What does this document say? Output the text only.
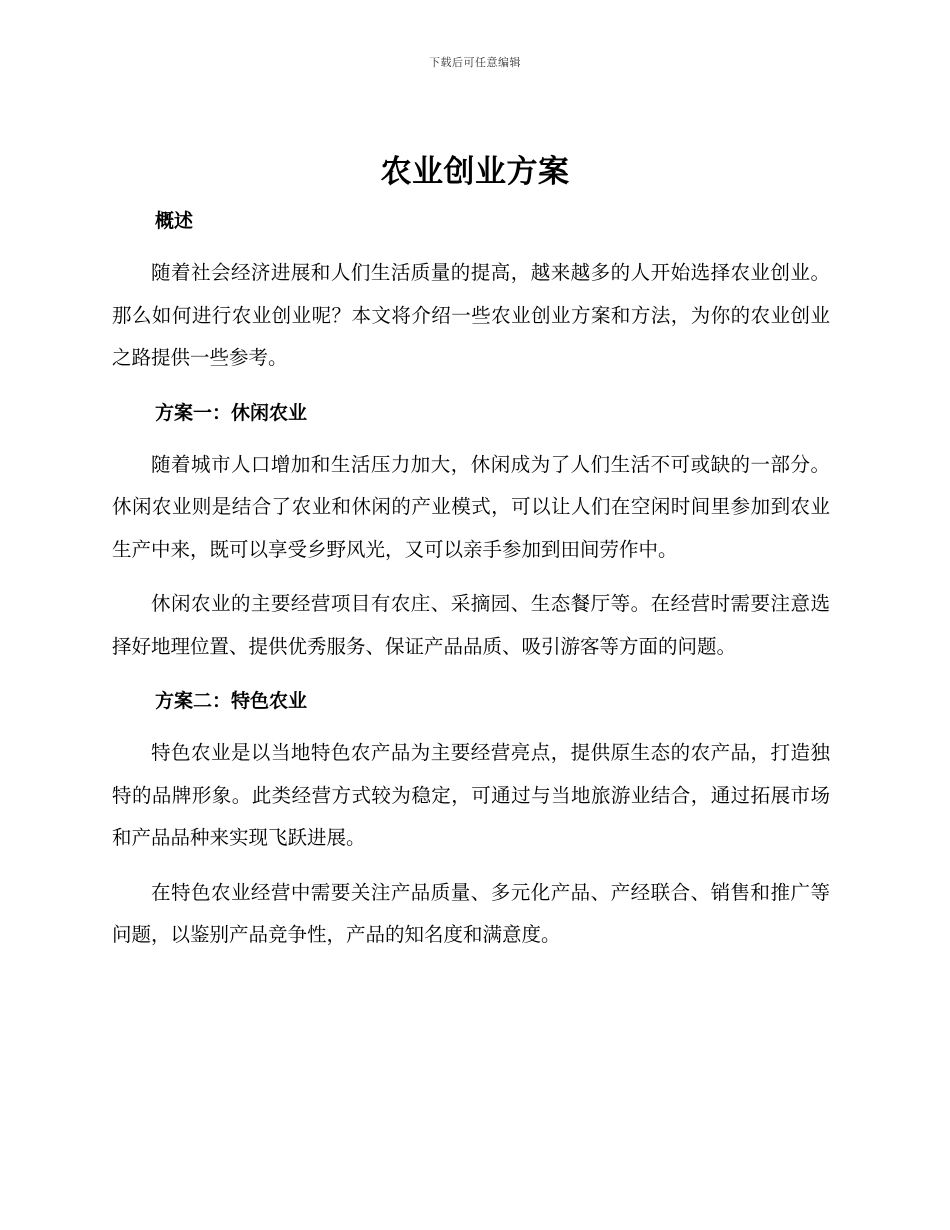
下载后可任意编辑
农业创业方案
概述

随着社会经济进展和人们生活质量的提高，越来越多的人开始选择农业创业。那么如何进行农业创业呢？本文将介绍一些农业创业方案和方法，为你的农业创业之路提供一些参考。

方案一：休闲农业

随着城市人口增加和生活压力加大，休闲成为了人们生活不可或缺的一部分。休闲农业则是结合了农业和休闲的产业模式，可以让人们在空闲时间里参加到农业生产中来，既可以享受乡野风光，又可以亲手参加到田间劳作中。

休闲农业的主要经营项目有农庄、采摘园、生态餐厅等。在经营时需要注意选择好地理位置、提供优秀服务、保证产品品质、吸引游客等方面的问题。

方案二：特色农业

特色农业是以当地特色农产品为主要经营亮点，提供原生态的农产品，打造独特的品牌形象。此类经营方式较为稳定，可通过与当地旅游业结合，通过拓展市场和产品品种来实现飞跃进展。

在特色农业经营中需要关注产品质量、多元化产品、产经联合、销售和推广等问题，以鉴别产品竞争性，产品的知名度和满意度。
